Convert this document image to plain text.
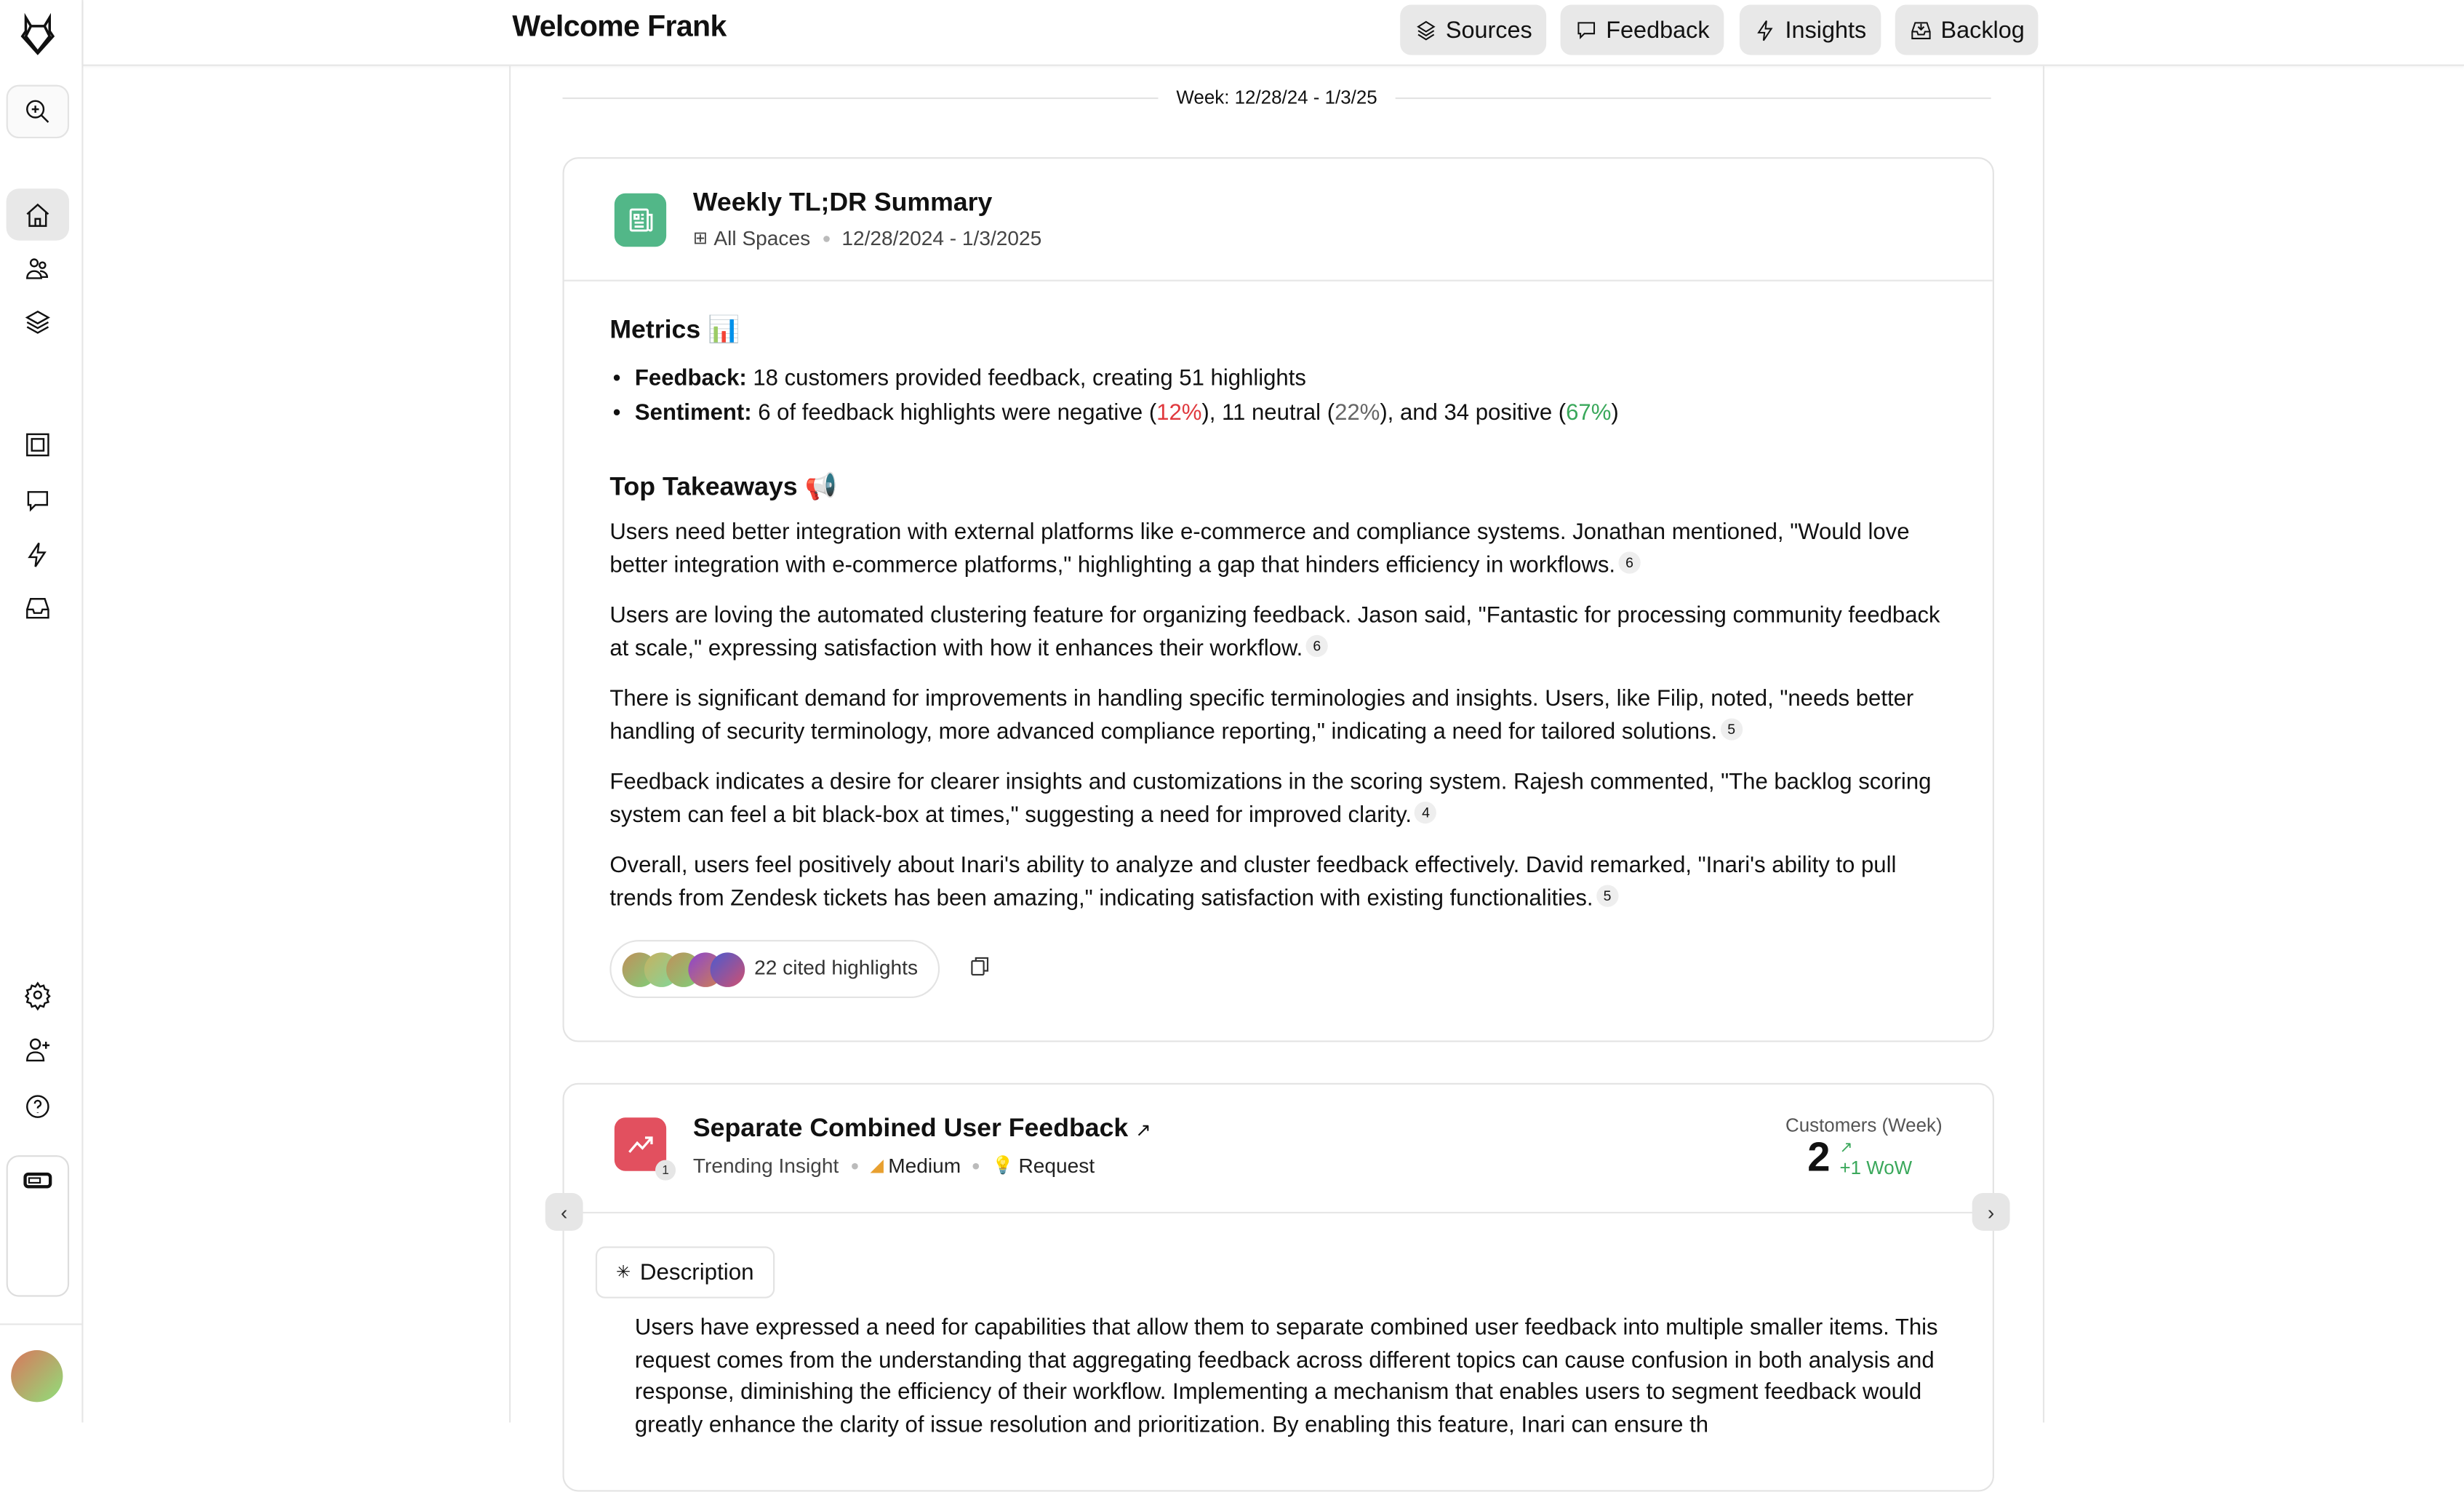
Welcome Frank	Sources	Feedback	Insights	Backlog
Week: 12/28/24 - 1/3/25
Weekly TL;DR Summary
⊞ All Spaces	12/28/2024 - 1/3/2025
Metrics 📊
• Feedback: 18 customers provided feedback, creating 51 highlights
• Sentiment: 6 of feedback highlights were negative (12%), 11 neutral (22%), and 34 positive (67%)
Top Takeaways 📢

Users need better integration with external platforms like e-commerce and compliance systems. Jonathan mentioned, "Would love better integration with e-commerce platforms," highlighting a gap that hinders efficiency in workflows. 6

Users are loving the automated clustering feature for organizing feedback. Jason said, "Fantastic for processing community feedback at scale," expressing satisfaction with how it enhances their workflow. 6

There is significant demand for improvements in handling specific terminologies and insights. Users, like Filip, noted, "needs better handling of security terminology, more advanced compliance reporting," indicating a need for tailored solutions. 5

Feedback indicates a desire for clearer insights and customizations in the scoring system. Rajesh commented, "The backlog scoring system can feel a bit black-box at times," suggesting a need for improved clarity. 4

Overall, users feel positively about Inari's ability to analyze and cluster feedback effectively. David remarked, "Inari's ability to pull trends from Zendesk tickets has been amazing," indicating satisfaction with existing functionalities. 5

22 cited highlights
1
Separate Combined User Feedback ↗
Trending Insight	◢ Medium	💡 Request
Customers (Week)
2 ↗
+1 WoW
✳ Description

Users have expressed a need for capabilities that allow them to separate combined user feedback into multiple smaller items. This request comes from the understanding that aggregating feedback across different topics can cause confusion in both analysis and response, diminishing the efficiency of their workflow. Implementing a mechanism that enables users to segment feedback would greatly enhance the clarity of issue resolution and prioritization. By enabling this feature, Inari can ensure th

‹	›
